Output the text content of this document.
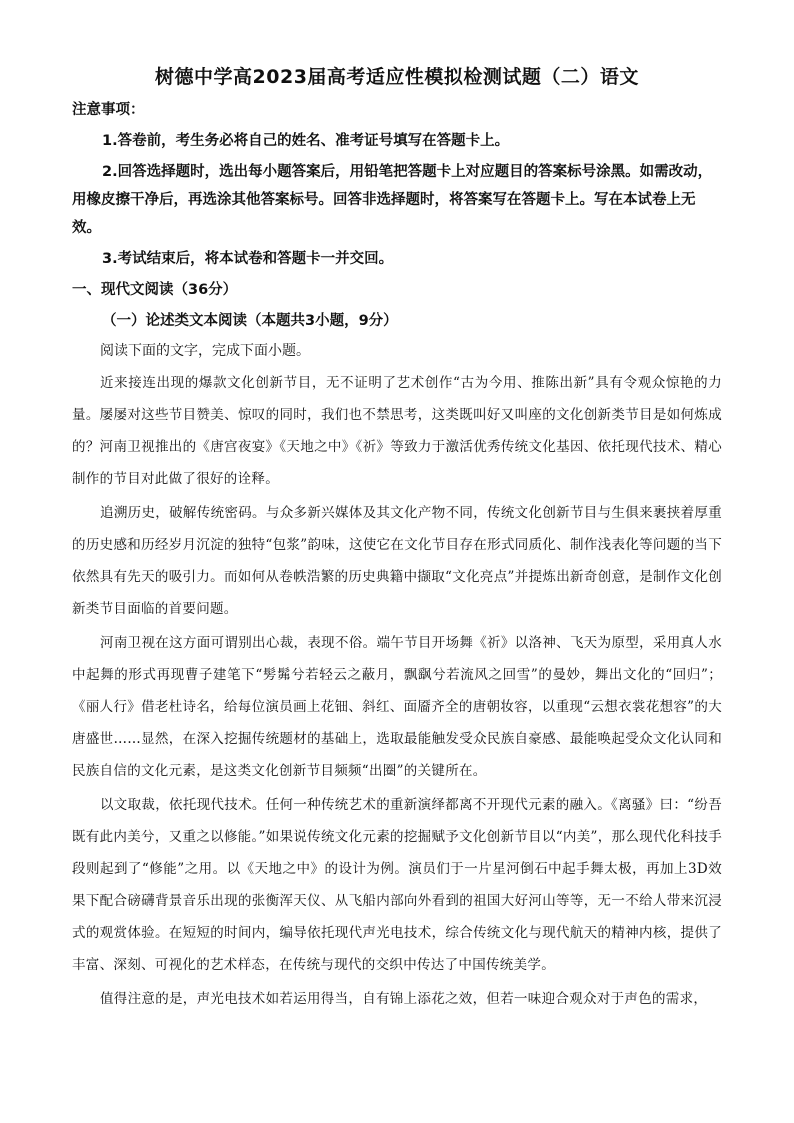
树德中学高2023届高考适应性模拟检测试题（二）语文
注意事项：
1.答卷前，考生务必将自己的姓名、准考证号填写在答题卡上。
2.回答选择题时，选出每小题答案后，用铅笔把答题卡上对应题目的答案标号涂黑。如需改动，用橡皮擦干净后，再选涂其他答案标号。回答非选择题时，将答案写在答题卡上。写在本试卷上无效。
3.考试结束后，将本试卷和答题卡一并交回。
一、现代文阅读（36分）
（一）论述类文本阅读（本题共3小题，9分）
阅读下面的文字，完成下面小题。
近来接连出现的爆款文化创新节目，无不证明了艺术创作“古为今用、推陈出新”具有令观众惊艳的力量。屡屡对这些节目赞美、惊叹的同时，我们也不禁思考，这类既叫好又叫座的文化创新类节目是如何炼成的？河南卫视推出的《唐宫夜宴》《天地之中》《祈》等致力于激活优秀传统文化基因、依托现代技术、精心制作的节目对此做了很好的诠释。
追溯历史，破解传统密码。与众多新兴媒体及其文化产物不同，传统文化创新节目与生俱来裹挟着厚重的历史感和历经岁月沉淀的独特“包浆”韵味，这使它在文化节目存在形式同质化、制作浅表化等问题的当下依然具有先天的吸引力。而如何从卷帙浩繁的历史典籍中撷取“文化亮点”并提炼出新奇创意，是制作文化创新类节目面临的首要问题。
河南卫视在这方面可谓别出心裁，表现不俗。端午节目开场舞《祈》以洛神、飞天为原型，采用真人水中起舞的形式再现曹子建笔下“髣髴兮若轻云之蔽月，飘飖兮若流风之回雪”的曼妙，舞出文化的“回归”；《丽人行》借老杜诗名，给每位演员画上花钿、斜红、面靥齐全的唐朝妆容，以重现“云想衣裳花想容”的大唐盛世……显然，在深入挖掘传统题材的基础上，选取最能触发受众民族自豪感、最能唤起受众文化认同和民族自信的文化元素，是这类文化创新节目频频“出圈”的关键所在。
以文取裁，依托现代技术。任何一种传统艺术的重新演绎都离不开现代元素的融入。《离骚》曰：“纷吾既有此内美兮，又重之以修能。”如果说传统文化元素的挖掘赋予文化创新节目以“内美”，那么现代化科技手段则起到了“修能”之用。以《天地之中》的设计为例。演员们于一片星河倒石中起手舞太极，再加上3D效果下配合磅礴背景音乐出现的张衡浑天仪、从飞船内部向外看到的祖国大好河山等等，无一不给人带来沉浸式的观赏体验。在短短的时间内，编导依托现代声光电技术，综合传统文化与现代航天的精神内核，提供了丰富、深刻、可视化的艺术样态，在传统与现代的交织中传达了中国传统美学。
值得注意的是，声光电技术如若运用得当，自有锦上添花之效，但若一味迎合观众对于声色的需求，
